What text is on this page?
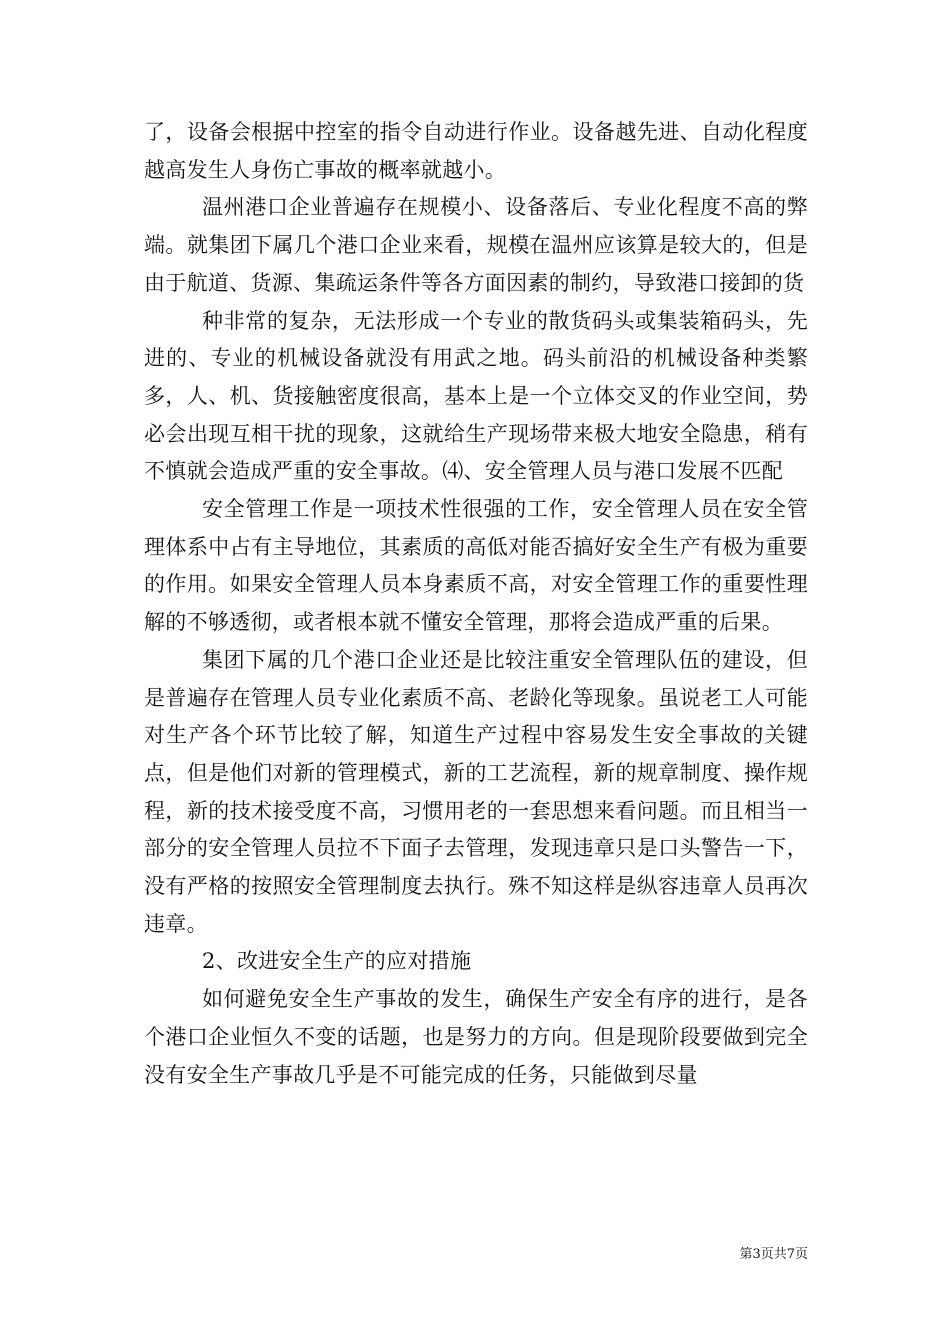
了，设备会根据中控室的指令自动进行作业。设备越先进、自动化程度越高发生人身伤亡事故的概率就越小。

温州港口企业普遍存在规模小、设备落后、专业化程度不高的弊端。就集团下属几个港口企业来看，规模在温州应该算是较大的，但是由于航道、货源、集疏运条件等各方面因素的制约，导致港口接卸的货

种非常的复杂，无法形成一个专业的散货码头或集装箱码头，先进的、专业的机械设备就没有用武之地。码头前沿的机械设备种类繁多，人、机、货接触密度很高，基本上是一个立体交叉的作业空间，势必会出现互相干扰的现象，这就给生产现场带来极大地安全隐患，稍有不慎就会造成严重的安全事故。⑷、安全管理人员与港口发展不匹配

安全管理工作是一项技术性很强的工作，安全管理人员在安全管理体系中占有主导地位，其素质的高低对能否搞好安全生产有极为重要的作用。如果安全管理人员本身素质不高，对安全管理工作的重要性理解的不够透彻，或者根本就不懂安全管理，那将会造成严重的后果。

集团下属的几个港口企业还是比较注重安全管理队伍的建设，但是普遍存在管理人员专业化素质不高、老龄化等现象。虽说老工人可能对生产各个环节比较了解，知道生产过程中容易发生安全事故的关键点，但是他们对新的管理模式，新的工艺流程，新的规章制度、操作规程，新的技术接受度不高，习惯用老的一套思想来看问题。而且相当一部分的安全管理人员拉不下面子去管理，发现违章只是口头警告一下，没有严格的按照安全管理制度去执行。殊不知这样是纵容违章人员再次违章。

2、改进安全生产的应对措施

如何避免安全生产事故的发生，确保生产安全有序的进行，是各个港口企业恒久不变的话题，也是努力的方向。但是现阶段要做到完全没有安全生产事故几乎是不可能完成的任务，只能做到尽量

第3页共7页
